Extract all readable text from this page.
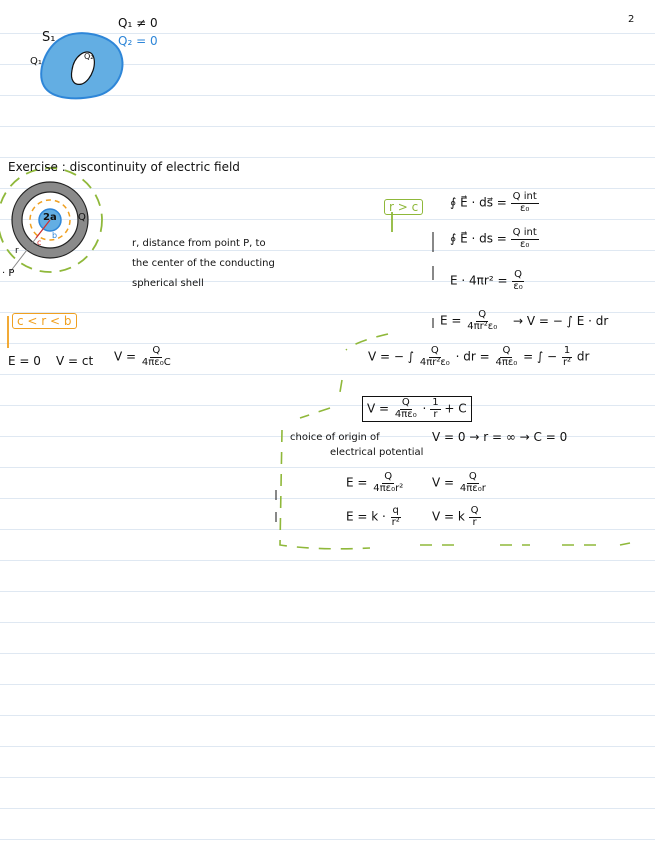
2
S₁
Q₁	Q₂
Q₁ ≠ 0
Q₂ = 0
Exercise : discontinuity of electric field
2a Q
b
c
r
· P
r, distance from point P, to
the center of the conducting
spherical shell
c < r < b
E = 0 V = ct $V = \frac{Q}{\text{4πε₀C}}$
r > c	∮ E⃗ · ds⃗ = $\frac{\text{Q int}}{\text{ε₀}}$
∮ E⃗ · ds = $\frac{\text{Q int}}{\text{ε₀}}$
$E \cdot 4\pi r^2 = \frac{Q}{\text{ε₀}}$
$E = \frac{Q}{\text{4πr²ε₀}} \to V$ = − ∫ E · dr
V = − ∫ $\frac{Q}{\text{4πr²ε₀}}$ · dr = $\frac{Q}{\text{4πε₀}}$ = ∫ − $\frac{1}{\text{r²}}$ dr
$V = \frac{Q}{\text{4πε₀}} \cdot \frac{1}{r} + C$
choice of origin of
electrical potential
V = 0 → r = ∞ → C = 0
$E = \frac{Q}{\text{4πε₀r²}}$ $V = \frac{Q}{\text{4πε₀r}}$
$E = k \cdot \frac{q}{\text{r²}}$	V = k $\frac{Q}{r}$
